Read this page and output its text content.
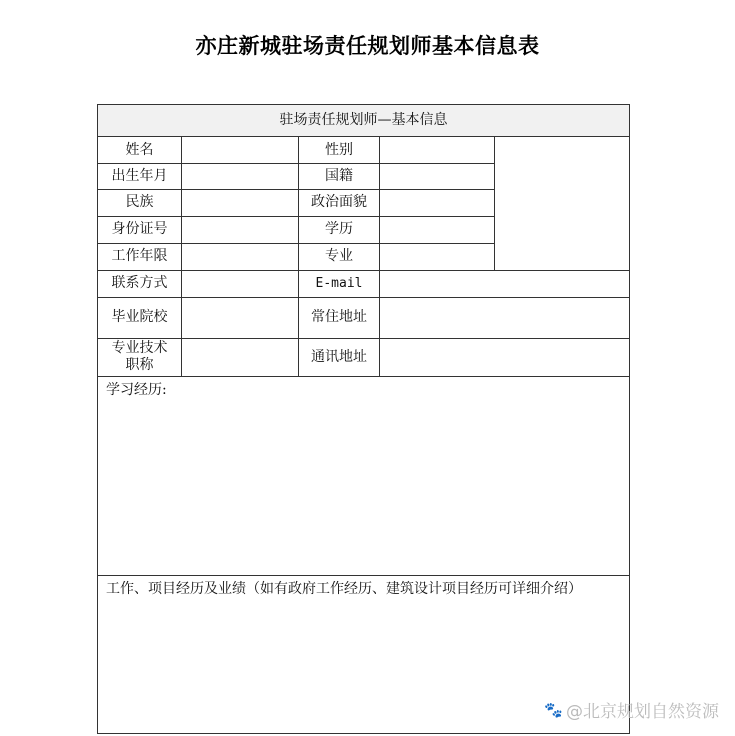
亦庄新城驻场责任规划师基本信息表
驻场责任规划师—基本信息
姓名
出生年月
民族
身份证号
工作年限
联系方式
毕业院校
专业技术
职称
性别
国籍
政治面貌
学历
专业
E-mail
常住地址
通讯地址
学习经历:
工作、项目经历及业绩（如有政府工作经历、建筑设计项目经历可详细介绍）
🐾 @北京规划自然资源
